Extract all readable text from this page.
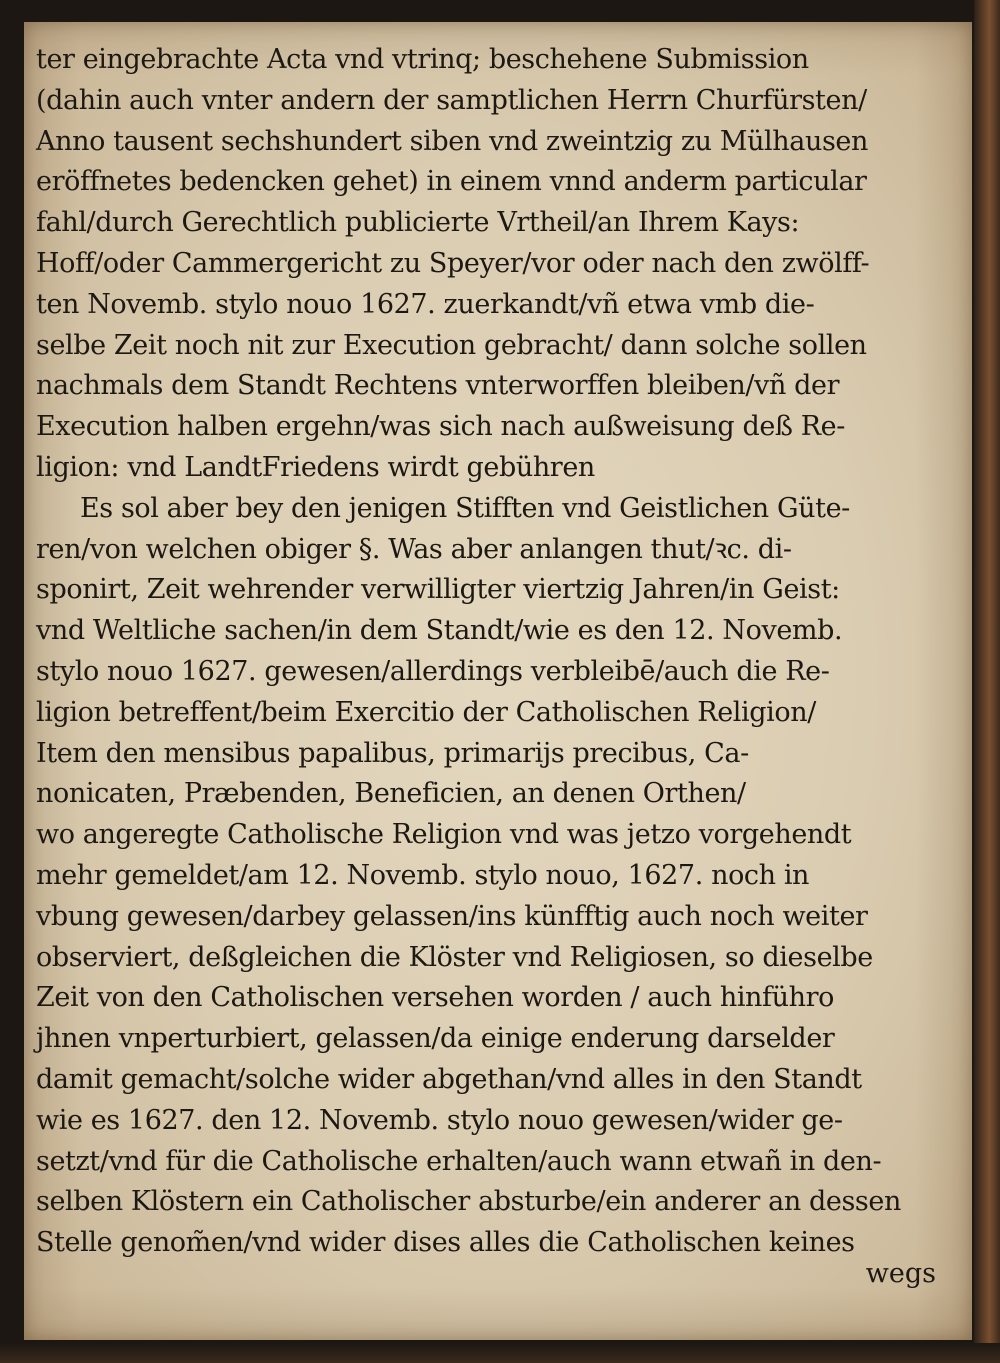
ter eingebrachte Acta vnd vtrinq; beschehene Submission
(dahin auch vnter andern der samptlichen Herrn Churfürsten/
Anno tausent sechshundert siben vnd zweintzig zu Mülhausen
eröffnetes bedencken gehet) in einem vnnd anderm particular
fahl/durch Gerechtlich publicierte Vrtheil/an Ihrem Kays:
Hoff/oder Cammergericht zu Speyer/vor oder nach den zwölff-
ten Novemb. stylo nouo 1627. zuerkandt/vñ etwa vmb die-
selbe Zeit noch nit zur Execution gebracht/ dann solche sollen
nachmals dem Standt Rechtens vnterworffen bleiben/vñ der
Execution halben ergehn/was sich nach außweisung deß Re-
ligion: vnd LandtFriedens wirdt gebühren
Es sol aber bey den jenigen Stifften vnd Geistlichen Güte-
ren/von welchen obiger §. Was aber anlangen thut/ꝛc. di-
sponirt, Zeit wehrender verwilligter viertzig Jahren/in Geist:
vnd Weltliche sachen/in dem Standt/wie es den 12. Novemb.
stylo nouo 1627. gewesen/allerdings verbleibē/auch die Re-
ligion betreffent/beim Exercitio der Catholischen Religion/
Item den mensibus papalibus, primarijs precibus, Ca-
nonicaten, Præbenden, Beneficien, an denen Orthen/
wo angeregte Catholische Religion vnd was jetzo vorgehendt
mehr gemeldet/am 12. Novemb. stylo nouo, 1627. noch in
vbung gewesen/darbey gelassen/ins künfftig auch noch weiter
observiert, deßgleichen die Klöster vnd Religiosen, so dieselbe
Zeit von den Catholischen versehen worden / auch hinführo
jhnen vnperturbiert, gelassen/da einige enderung darselder
damit gemacht/solche wider abgethan/vnd alles in den Standt
wie es 1627. den 12. Novemb. stylo nouo gewesen/wider ge-
setzt/vnd für die Catholische erhalten/auch wann etwañ in den-
selben Klöstern ein Catholischer absturbe/ein anderer an dessen
Stelle genom̃en/vnd wider dises alles die Catholischen keines
wegs
